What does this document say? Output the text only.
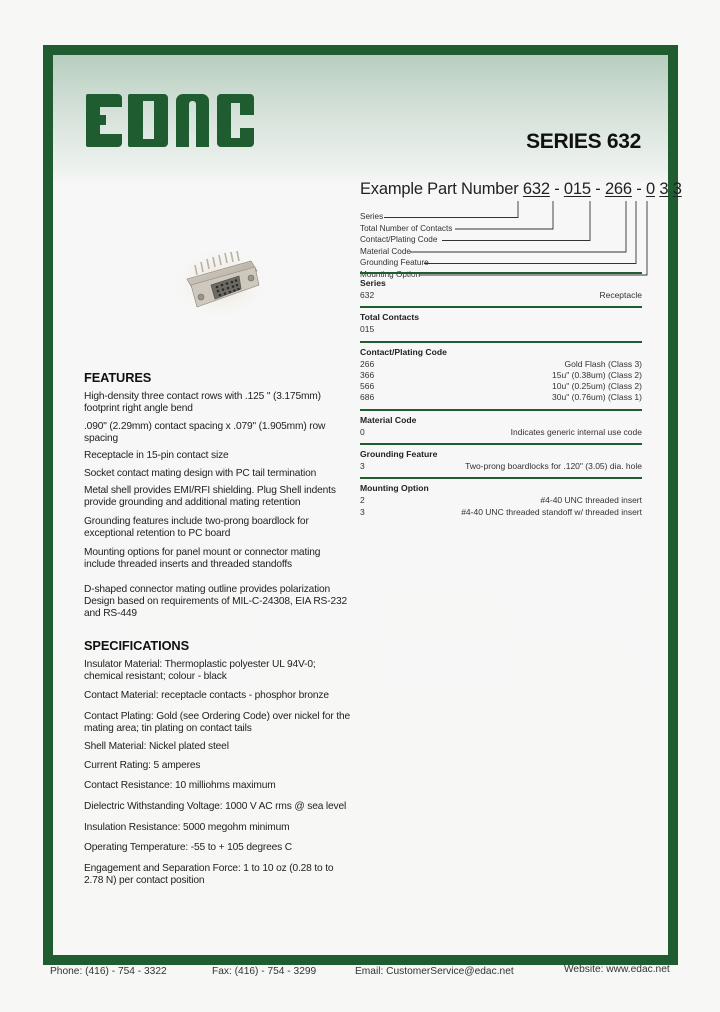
SERIES 632
Example Part Number 632 - 015 - 266 - 0 3 3
Series
Total Number of Contacts
Contact/Plating Code
Material Code
Grounding Feature
Mounting Option
Series
632	Receptacle
Total Contacts
015
Contact/Plating Code
266	Gold Flash (Class 3)
366	15u" (0.38um) (Class 2)
566	10u" (0.25um) (Class 2)
686	30u" (0.76um) (Class 1)
Material Code
0	Indicates generic internal use code
Grounding Feature
3	Two-prong boardlocks for .120" (3.05) dia. hole
Mounting Option
2	#4-40 UNC threaded insert
3	#4-40 UNC threaded standoff w/ threaded insert
FEATURES

High-density three contact rows with .125 " (3.175mm) footprint right angle bend

.090" (2.29mm) contact spacing x .079" (1.905mm) row spacing

Receptacle in 15-pin contact size

Socket contact mating design with PC tail termination

Metal shell provides EMI/RFI shielding. Plug Shell indents provide grounding and additional mating retention

Grounding features include two-prong boardlock for exceptional retention to PC board

Mounting options for panel mount or connector mating include threaded inserts and threaded standoffs

D-shaped connector mating outline provides polarization Design based on requirements of MIL-C-24308, EIA RS-232 and RS-449

SPECIFICATIONS

Insulator Material: Thermoplastic polyester UL 94V-0; chemical resistant; colour - black

Contact Material: receptacle contacts - phosphor bronze

Contact Plating: Gold (see Ordering Code) over nickel for the mating area; tin plating on contact tails

Shell Material: Nickel plated steel

Current Rating: 5 amperes

Contact Resistance: 10 milliohms maximum

Dielectric Withstanding Voltage: 1000 V AC rms @ sea level

Insulation Resistance: 5000 megohm minimum

Operating Temperature: -55 to + 105 degrees C

Engagement and Separation Force: 1 to 10 oz (0.28 to to 2.78 N) per contact position

Phone: (416) - 754 - 3322	Fax: (416) - 754 - 3299	Email: CustomerService@edac.net	Website: www.edac.net
